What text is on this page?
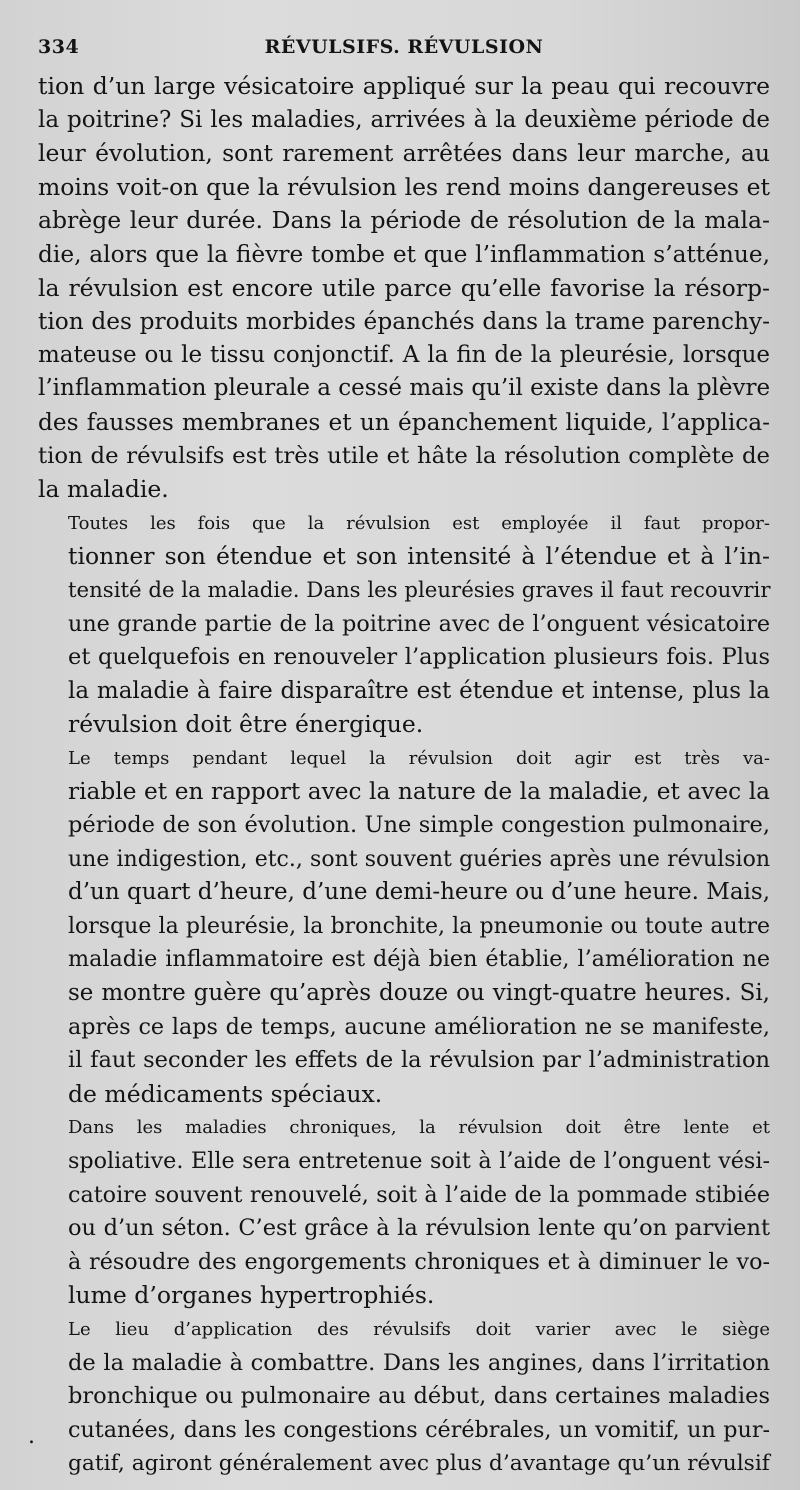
334	RÉVULSIFS. RÉVULSION

tion d’un large vésicatoire appliqué sur la peau qui recouvre
la poitrine? Si les maladies, arrivées à la deuxième période de
leur évolution, sont rarement arrêtées dans leur marche, au
moins voit-on que la révulsion les rend moins dangereuses et
abrège leur durée. Dans la période de résolution de la mala-
die, alors que la fièvre tombe et que l’inflammation s’atténue,
la révulsion est encore utile parce qu’elle favorise la résorp-
tion des produits morbides épanchés dans la trame parenchy-
mateuse ou le tissu conjonctif. A la fin de la pleurésie, lorsque
l’inflammation pleurale a cessé mais qu’il existe dans la plèvre
des fausses membranes et un épanchement liquide, l’applica-
tion de révulsifs est très utile et hâte la résolution complète de
la maladie.

Toutes les fois que la révulsion est employée il faut propor-
tionner son étendue et son intensité à l’étendue et à l’in-
tensité de la maladie. Dans les pleurésies graves il faut recouvrir
une grande partie de la poitrine avec de l’onguent vésicatoire
et quelquefois en renouveler l’application plusieurs fois. Plus
la maladie à faire disparaître est étendue et intense, plus la
révulsion doit être énergique.

Le temps pendant lequel la révulsion doit agir est très va-
riable et en rapport avec la nature de la maladie, et avec la
période de son évolution. Une simple congestion pulmonaire,
une indigestion, etc., sont souvent guéries après une révulsion
d’un quart d’heure, d’une demi-heure ou d’une heure. Mais,
lorsque la pleurésie, la bronchite, la pneumonie ou toute autre
maladie inflammatoire est déjà bien établie, l’amélioration ne
se montre guère qu’après douze ou vingt-quatre heures. Si,
après ce laps de temps, aucune amélioration ne se manifeste,
il faut seconder les effets de la révulsion par l’administration
de médicaments spéciaux.

Dans les maladies chroniques, la révulsion doit être lente et
spoliative. Elle sera entretenue soit à l’aide de l’onguent vési-
catoire souvent renouvelé, soit à l’aide de la pommade stibiée
ou d’un séton. C’est grâce à la révulsion lente qu’on parvient
à résoudre des engorgements chroniques et à diminuer le vo-
lume d’organes hypertrophiés.

Le lieu d’application des révulsifs doit varier avec le siège
de la maladie à combattre. Dans les angines, dans l’irritation
bronchique ou pulmonaire au début, dans certaines maladies
cutanées, dans les congestions cérébrales, un vomitif, un pur-
gatif, agiront généralement avec plus d’avantage qu’un révulsif

.
